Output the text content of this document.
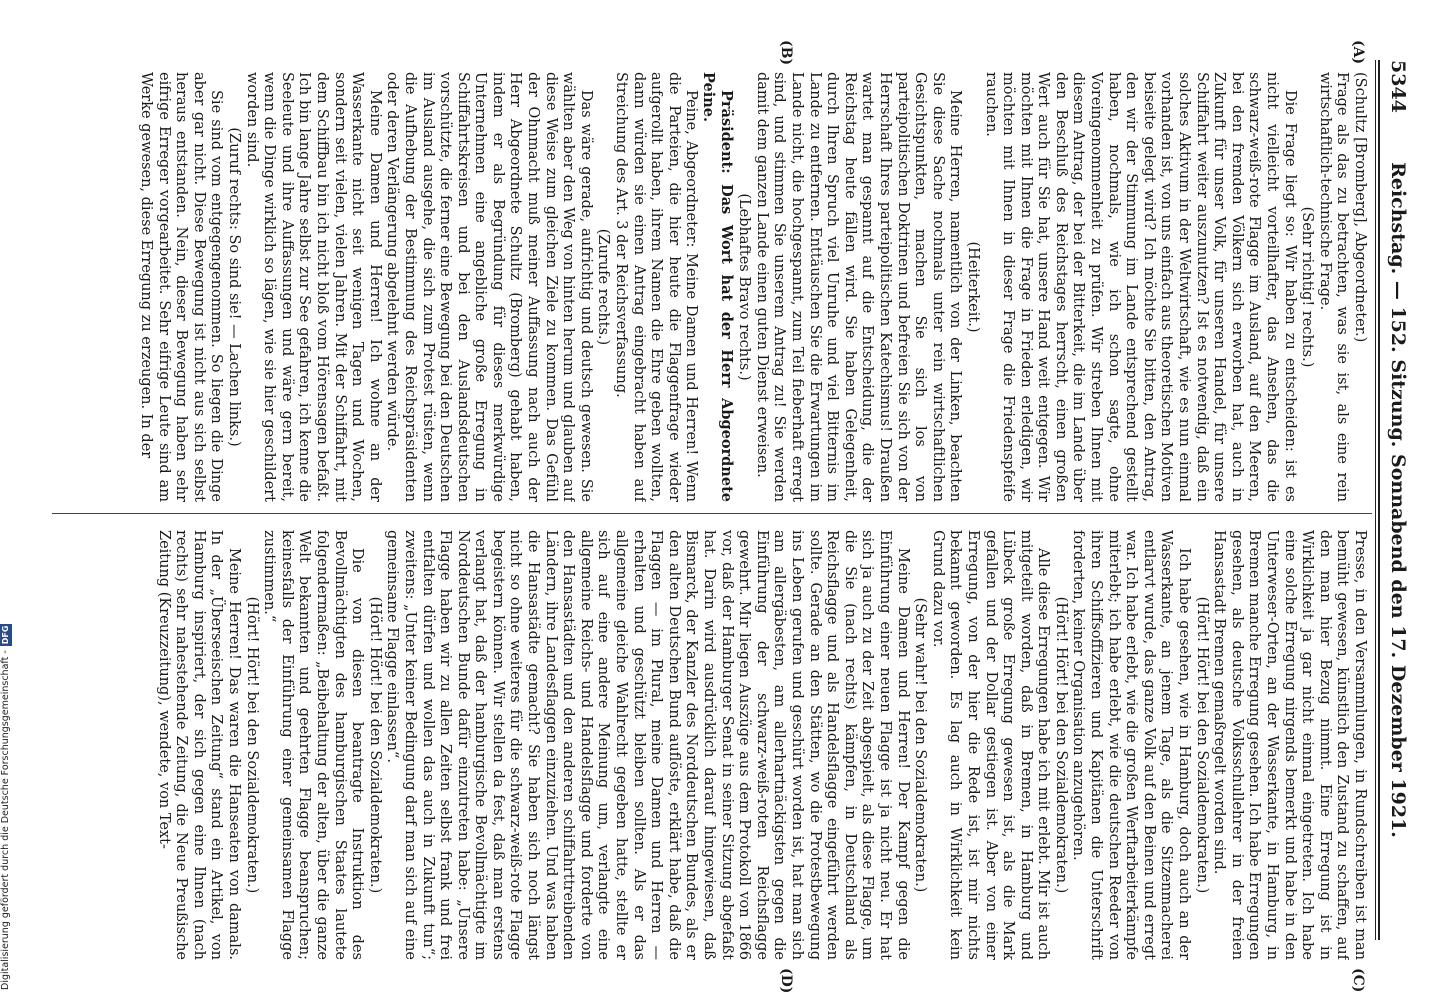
5344
Reichstag. — 152. Sitzung. Sonnabend den 17. Dezember 1921.
(A)
(B)
(C)
(D)

(Schultz [Bromberg], Abgeordneter.)

Frage als das zu betrachten, was sie ist, als eine rein wirtschaftlich-technische Frage.

(Sehr richtig! rechts.)

Die Frage liegt so: Wir haben zu entscheiden: ist es nicht vielleicht vorteilhafter, das Ansehen, das die schwarz-weiß-rote Flagge im Ausland, auf den Meeren, bei den fremden Völkern sich erworben hat, auch in Zukunft für unser Volk, für unseren Handel, für unsere Schiffahrt weiter auszunutzen? Ist es notwendig, daß ein solches Aktivum in der Weltwirtschaft, wie es nun einmal vorhanden ist, von uns einfach aus theoretischen Motiven beiseite gelegt wird? Ich möchte Sie bitten, den Antrag, den wir der Stimmung im Lande entsprechend gestellt haben, nochmals, wie ich schon sagte, ohne Voreingenommenheit zu prüfen. Wir streben Ihnen mit diesem Antrag, der bei der Bitterkeit, die im Lande über den Beschluß des Reichstages herrscht, einen großen Wert auch für Sie hat, unsere Hand weit entgegen. Wir möchten mit Ihnen die Frage in Frieden erledigen, wir möchten mit Ihnen in dieser Frage die Friedenspfeife rauchen.

(Heiterkeit.)

Meine Herren, namentlich von der Linken, beachten Sie diese Sache nochmals unter rein wirtschaftlichen Gesichtspunkten, machen Sie sich los von parteipolitischen Doktrinen und befreien Sie sich von der Herrschaft Ihres parteipolitischen Katechismus! Draußen wartet man gespannt auf die Entscheidung, die der Reichstag heute fällen wird. Sie haben Gelegenheit, durch Ihren Spruch viel Unruhe und viel Bitternis im Lande zu entfernen. Enttäuschen Sie die Erwartungen im Lande nicht, die hochgespannt, zum Teil fieberhaft erregt sind, und stimmen Sie unserem Antrag zu! Sie werden damit dem ganzen Lande einen guten Dienst erweisen.

(Lebhaftes Bravo rechts.)

Präsident: Das Wort hat der Herr Abgeordnete Peine.

Peine, Abgeordneter: Meine Damen und Herren! Wenn die Parteien, die hier heute die Flaggenfrage wieder aufgerollt haben, ihrem Namen die Ehre geben wollten, dann würden sie einen Antrag eingebracht haben auf Streichung des Art. 3 der Reichsverfassung.

(Zurufe rechts.)

Das wäre gerade, aufrichtig und deutsch gewesen. Sie wählten aber den Weg von hinten herum und glauben auf diese Weise zum gleichen Ziele zu kommen. Das Gefühl der Ohnmacht muß meiner Auffassung nach auch der Herr Abgeordnete Schultz (Bromberg) gehabt haben, indem er als Begründung für dieses merkwürdige Unternehmen eine angebliche große Erregung in Schiffahrtskreisen und bei den Auslandsdeutschen vorschützte, die ferner eine Bewegung bei den Deutschen im Ausland ausgehe, die sich zum Protest rüsten, wenn die Aufhebung der Bestimmung des Reichspräsidenten oder deren Verlängerung abgelehnt werden würde.

Meine Damen und Herren! Ich wohne an der Wasserkante nicht seit wenigen Tagen und Wochen, sondern seit vielen, vielen Jahren. Mit der Schiffahrt, mit dem Schiffbau bin ich nicht bloß vom Hörensagen befaßt. Ich bin lange Jahre selbst zur See gefahren, ich kenne die Seeleute und ihre Auffassungen und wäre gern bereit, wenn die Dinge wirklich so lägen, wie sie hier geschildert worden sind.

(Zuruf rechts: So sind sie! — Lachen links.)

Sie sind vom entgegengenommen. So liegen die Dinge aber gar nicht. Diese Bewegung ist nicht aus sich selbst heraus entstanden. Nein, dieser Bewegung haben sehr eifrige Erreger vorgearbeitet. Sehr eifrige Leute sind am Werke gewesen, diese Erregung zu erzeugen. In der

Presse, in den Versammlungen, in Rundschreiben ist man bemüht gewesen, künstlich den Zustand zu schaffen, auf den man hier Bezug nimmt. Eine Erregung ist in Wirklichkeit ja gar nicht einmal eingetreten. Ich habe eine solche Erregung nirgends bemerkt und habe in den Unterweser-Orten, an der Wasserkante, in Hamburg, in Bremen manche Erregung gesehen. Ich habe Erregungen gesehen, als deutsche Volksschullehrer in der freien Hansastadt Bremen gemaßregelt worden sind.

(Hört! Hört! bei den Sozialdemokraten.)

Ich habe gesehen, wie in Hamburg, doch auch an der Wasserkante, an jenem Tage, als die Sitzenmacherei entlarvt wurde, das ganze Volk auf den Beinen und erregt war. Ich habe erlebt, wie die großen Werftarbeiterkämpfe miterlebt; ich habe erlebt, wie die deutschen Reeder von ihren Schiffsoffizieren und Kapitänen die Unterschrift forderten, keiner Organisation anzugehören.

(Hört! Hört! bei den Sozialdemokraten.)

Alle diese Erregungen habe ich mit erlebt. Mir ist auch mitgeteilt worden, daß in Bremen, in Hamburg und Lübeck große Erregung gewesen ist, als die Mark gefallen und der Dollar gestiegen ist. Aber von einer Erregung, von der hier die Rede ist, ist mir nichts bekannt geworden. Es lag auch in Wirklichkeit kein Grund dazu vor.

(Sehr wahr! bei den Sozialdemokraten.)

Meine Damen und Herren! Der Kampf gegen die Einführung einer neuen Flagge ist ja nicht neu. Er hat sich ja auch zu der Zeit abgespielt, als diese Flagge, um die Sie (nach rechts) kämpfen, in Deutschland als Reichsflagge und als Handelsflagge eingeführt werden sollte. Gerade an den Stätten, wo die Protestbewegung ins Leben gerufen und geschürt worden ist, hat man sich am allergäbesten, am allerhartnäckigsten gegen die Einführung der schwarz-weiß-roten Reichsflagge gewehrt. Mir liegen Auszüge aus dem Protokoll von 1866 vor, daß der Hamburger Senat in seiner Sitzung abgefaßt hat. Darin wird ausdrücklich darauf hingewiesen, daß Bismarck, der Kanzler des Norddeutschen Bundes, als er den alten Deutschen Bund auflöste, erklärt habe, daß die Flaggen — im Plural, meine Damen und Herren — erhalten und geschützt bleiben sollten. Als er das allgemeine gleiche Wahlrecht gegeben hatte, stellte er sich auf eine andere Meinung um, verlangte eine allgemeine Reichs- und Handelsflagge und forderte von den Hansastädten und den anderen schiffahrttreibenden Ländern, ihre Landesflaggen einzuziehen. Und was haben die Hansastädte gemacht? Sie haben sich noch längst nicht so ohne weiteres für die schwarz-weiß-rote Flagge begeistern können. Wir stellen da fest, daß man erstens verlangt hat, daß der hamburgische Bevollmächtigte im Norddeutschen Bunde dafür einzutreten habe: „Unsere Flagge haben wir zu allen Zeiten selbst frank und frei entfalten dürfen und wollen das auch in Zukunft tun“; zweitens: „Unter keiner Bedingung darf man sich auf eine gemeinsame Flagge einlassen“.

(Hört! Hört! bei den Sozialdemokraten.)

Die von diesen beantragte Instruktion des Bevollmächtigten des hamburgischen Staates lautete folgendermaßen: „Beibehaltung der alten, über die ganze Welt bekannten und geehrten Flagge beanspruchen; keinesfalls der Einführung einer gemeinsamen Flagge zustimmen.“

(Hört! Hört! bei den Sozialdemokraten.)

Meine Herren! Das waren die Hanseaten von damals. In der „Überseeischen Zeitung“ stand ein Artikel, von Hamburg inspiriert, der sich gegen eine Ihnen (nach rechts) sehr nahestehende Zeitung, die Neue Preußische Zeitung (Kreuzzeitung), wendete, von Text-

Digitalisierung gefördert durch die Deutsche Forschungsgemeinschaft -DFG
